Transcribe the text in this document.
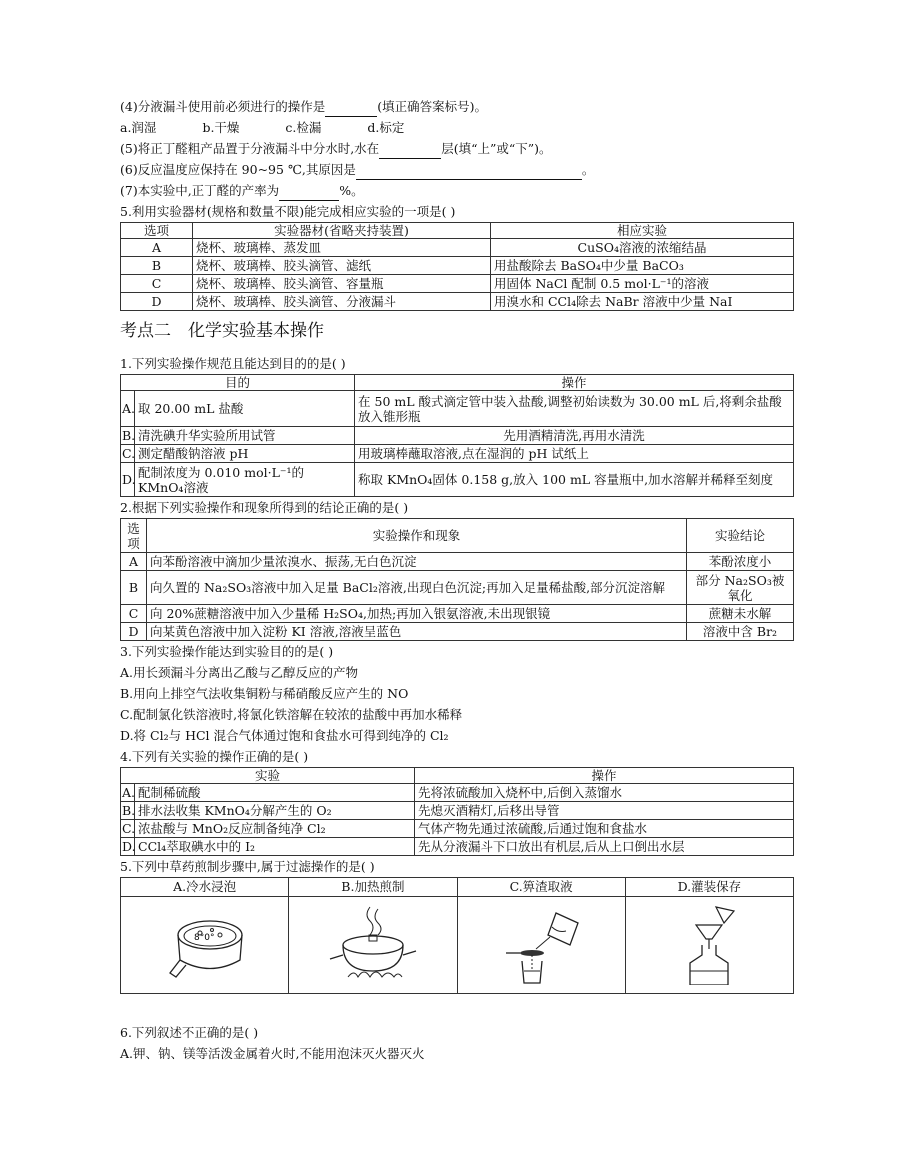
(4)分液漏斗使用前必须进行的操作是	(填正确答案标号)。

a.润湿	b.干燥	c.检漏	d.标定

(5)将正丁醛粗产品置于分液漏斗中分水时,水在	层(填“上”或“下”)。

(6)反应温度应保持在 90~95 ℃,其原因是	。

(7)本实验中,正丁醛的产率为	%。

5.利用实验器材(规格和数量不限)能完成相应实验的一项是( )

选项	实验器材(省略夹持装置)	相应实验
A	烧杯、玻璃棒、蒸发皿	CuSO₄溶液的浓缩结晶
B	烧杯、玻璃棒、胶头滴管、滤纸	用盐酸除去 BaSO₄中少量 BaCO₃
C	烧杯、玻璃棒、胶头滴管、容量瓶	用固体 NaCl 配制 0.5 mol·L⁻¹的溶液
D	烧杯、玻璃棒、胶头滴管、分液漏斗	用溴水和 CCl₄除去 NaBr 溶液中少量 NaI
考点二　化学实验基本操作

1.下列实验操作规范且能达到目的的是( )

目的		操作
A.	取 20.00 mL 盐酸	在 50 mL 酸式滴定管中装入盐酸,调整初始读数为 30.00 mL 后,将剩余盐酸放入锥形瓶
B.	清洗碘升华实验所用试管	先用酒精清洗,再用水清洗
C.	测定醋酸钠溶液 pH	用玻璃棒蘸取溶液,点在湿润的 pH 试纸上
D.	配制浓度为 0.010 mol·L⁻¹的 KMnO₄溶液	称取 KMnO₄固体 0.158 g,放入 100 mL 容量瓶中,加水溶解并稀释至刻度

2.根据下列实验操作和现象所得到的结论正确的是( )

选项	实验操作和现象	实验结论
A	向苯酚溶液中滴加少量浓溴水、振荡,无白色沉淀	苯酚浓度小
B	向久置的 Na₂SO₃溶液中加入足量 BaCl₂溶液,出现白色沉淀;再加入足量稀盐酸,部分沉淀溶解	部分 Na₂SO₃被氧化
C	向 20%蔗糖溶液中加入少量稀 H₂SO₄,加热;再加入银氨溶液,未出现银镜	蔗糖未水解
D	向某黄色溶液中加入淀粉 KI 溶液,溶液呈蓝色	溶液中含 Br₂

3.下列实验操作能达到实验目的的是( )

A.用长颈漏斗分离出乙酸与乙醇反应的产物

B.用向上排空气法收集铜粉与稀硝酸反应产生的 NO

C.配制氯化铁溶液时,将氯化铁溶解在较浓的盐酸中再加水稀释

D.将 Cl₂与 HCl 混合气体通过饱和食盐水可得到纯净的 Cl₂

4.下列有关实验的操作正确的是( )

实验		操作
A.	配制稀硫酸	先将浓硫酸加入烧杯中,后倒入蒸馏水
B.	排水法收集 KMnO₄分解产生的 O₂	先熄灭酒精灯,后移出导管
C.	浓盐酸与 MnO₂反应制备纯净 Cl₂	气体产物先通过浓硫酸,后通过饱和食盐水
D.	CCl₄萃取碘水中的 I₂	先从分液漏斗下口放出有机层,后从上口倒出水层

5.下列中草药煎制步骤中,属于过滤操作的是( )

A.冷水浸泡	B.加热煎制	C.箅渣取液	D.灌装保存

8°0°

6.下列叙述不正确的是( )

A.钾、钠、镁等活泼金属着火时,不能用泡沫灭火器灭火
